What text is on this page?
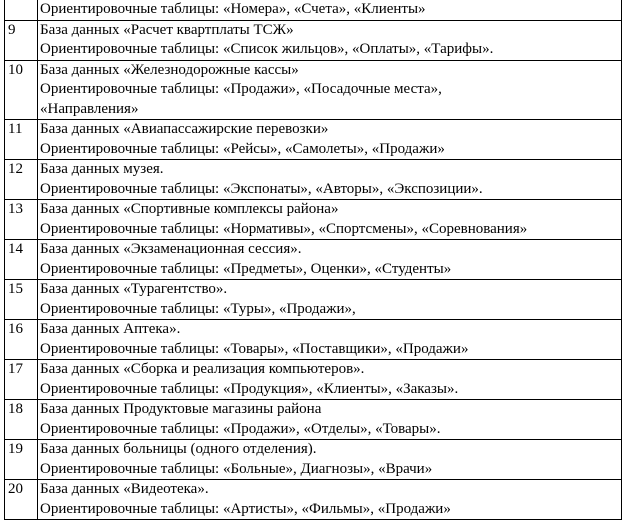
	Ориентировочные таблицы: «Номера», «Счета», «Клиенты»

9	База данных «Расчет квартплаты ТСЖ»
Ориентировочные таблицы: «Список жильцов», «Оплаты», «Тарифы».

10	База данных «Железнодорожные кассы»
Ориентировочные таблицы: «Продажи», «Посадочные места»,
«Направления»

11	База данных «Авиапассажирские перевозки»
Ориентировочные таблицы: «Рейсы», «Самолеты», «Продажи»

12	База данных музея.
Ориентировочные таблицы: «Экспонаты», «Авторы», «Экспозиции».

13	База данных «Спортивные комплексы района»
Ориентировочные таблицы: «Нормативы», «Спортсмены», «Соревнования»

14	База данных «Экзаменационная сессия».
Ориентировочные таблицы: «Предметы», Оценки», «Студенты»

15	База данных «Турагентство».
Ориентировочные таблицы: «Туры», «Продажи»,

16	База данных Аптека».
Ориентировочные таблицы: «Товары», «Поставщики», «Продажи»

17	База данных «Сборка и реализация компьютеров».
Ориентировочные таблицы: «Продукция», «Клиенты», «Заказы».

18	База данных Продуктовые магазины района
Ориентировочные таблицы: «Продажи», «Отделы», «Товары».

19	База данных больницы (одного отделения).
Ориентировочные таблицы: «Больные», Диагнозы», «Врачи»

20	База данных «Видеотека».
Ориентировочные таблицы: «Артисты», «Фильмы», «Продажи»
